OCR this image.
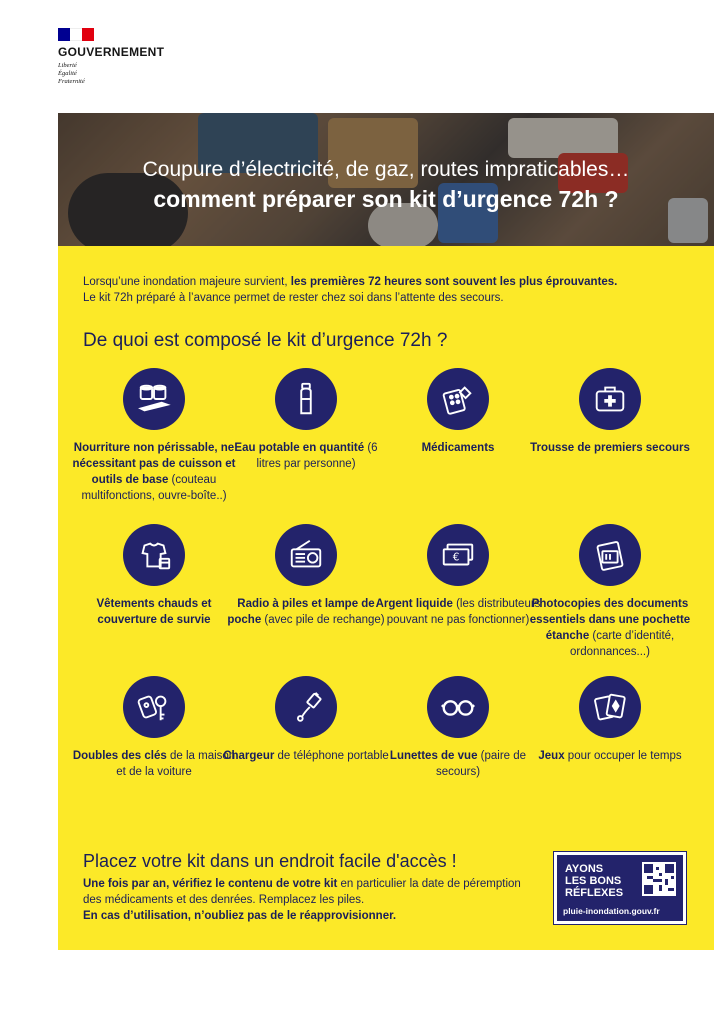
GOUVERNEMENT
Liberté
Égalité
Fraternité
Coupure d’électricité, de gaz, routes impraticables…
comment préparer son kit d’urgence 72h ?
Lorsqu’une inondation majeure survient, les premières 72 heures sont souvent les plus éprouvantes.
Le kit 72h préparé à l’avance permet de rester chez soi dans l’attente des secours.
De quoi est composé le kit d’urgence 72h ?
Nourriture non périssable, ne nécessitant pas de cuisson et outils de base (couteau multifonctions, ouvre-boîte..)
Eau potable en quantité (6 litres par personne)
Médicaments	Trousse de premiers secours
Vêtements chauds et couverture de survie
Radio à piles et lampe de poche (avec pile de rechange)
€
Argent liquide (les distributeurs pouvant ne pas fonctionner)
Photocopies des documents essentiels dans une pochette étanche (carte d’identité, ordonnances...)
Doubles des clés de la maison et de la voiture
Chargeur de téléphone portable Lunettes de vue (paire de secours)
Jeux pour occuper le temps
Placez votre kit dans un endroit facile d'accès !
Une fois par an, vérifiez le contenu de votre kit en particulier la date de péremption des médicaments et des denrées. Remplacez les piles.
En cas d’utilisation, n’oubliez pas de le réapprovisionner.
AYONS
LES BONS
RÉFLEXES
pluie-inondation.gouv.fr
